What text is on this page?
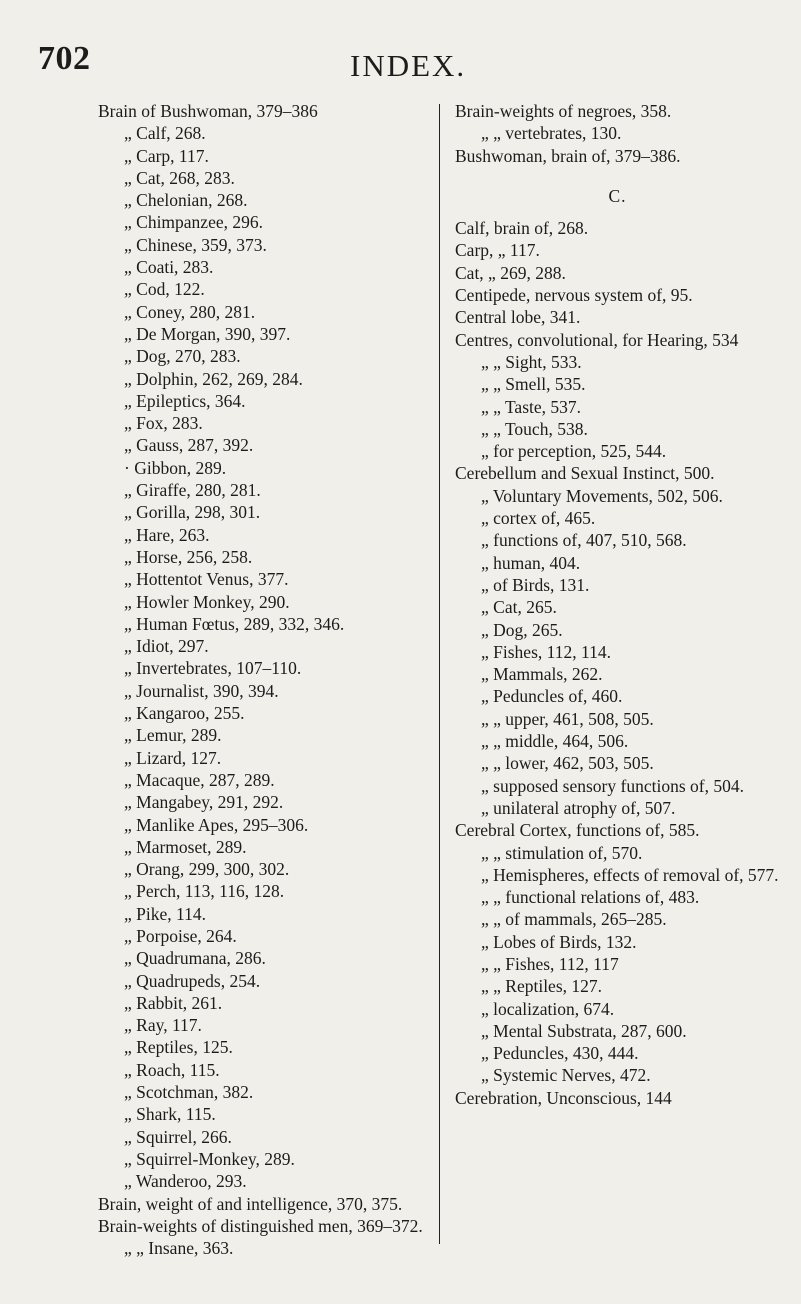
702	INDEX.
Brain of Bushwoman, 379–386
„ Calf, 268.
„ Carp, 117.
„ Cat, 268, 283.
„ Chelonian, 268.
„ Chimpanzee, 296.
„ Chinese, 359, 373.
„ Coati, 283.
„ Cod, 122.
„ Coney, 280, 281.
„ De Morgan, 390, 397.
„ Dog, 270, 283.
„ Dolphin, 262, 269, 284.
„ Epileptics, 364.
„ Fox, 283.
„ Gauss, 287, 392.
· Gibbon, 289.
„ Giraffe, 280, 281.
„ Gorilla, 298, 301.
„ Hare, 263.
„ Horse, 256, 258.
„ Hottentot Venus, 377.
„ Howler Monkey, 290.
„ Human Fœtus, 289, 332, 346.
„ Idiot, 297.
„ Invertebrates, 107–110.
„ Journalist, 390, 394.
„ Kangaroo, 255.
„ Lemur, 289.
„ Lizard, 127.
„ Macaque, 287, 289.
„ Mangabey, 291, 292.
„ Manlike Apes, 295–306.
„ Marmoset, 289.
„ Orang, 299, 300, 302.
„ Perch, 113, 116, 128.
„ Pike, 114.
„ Porpoise, 264.
„ Quadrumana, 286.
„ Quadrupeds, 254.
„ Rabbit, 261.
„ Ray, 117.
„ Reptiles, 125.
„ Roach, 115.
„ Scotchman, 382.
„ Shark, 115.
„ Squirrel, 266.
„ Squirrel-Monkey, 289.
„ Wanderoo, 293.
Brain, weight of and intelligence, 370, 375.
Brain-weights of distinguished men, 369–372.
„ „ Insane, 363.
Brain-weights of negroes, 358.
„ „ vertebrates, 130.
Bushwoman, brain of, 379–386.
C.
Calf, brain of, 268.
Carp, „ 117.
Cat, „ 269, 288.
Centipede, nervous system of, 95.
Central lobe, 341.
Centres, convolutional, for Hearing, 534
„ „ Sight, 533.
„ „ Smell, 535.
„ „ Taste, 537.
„ „ Touch, 538.
„ for perception, 525, 544.
Cerebellum and Sexual Instinct, 500.
„ Voluntary Movements, 502, 506.
„ cortex of, 465.
„ functions of, 407, 510, 568.
„ human, 404.
„ of Birds, 131.
„ Cat, 265.
„ Dog, 265.
„ Fishes, 112, 114.
„ Mammals, 262.
„ Peduncles of, 460.
„ „ upper, 461, 508, 505.
„ „ middle, 464, 506.
„ „ lower, 462, 503, 505.
„ supposed sensory functions of, 504.
„ unilateral atrophy of, 507.
Cerebral Cortex, functions of, 585.
„ „ stimulation of, 570.
„ Hemispheres, effects of removal of, 577.
„ „ functional relations of, 483.
„ „ of mammals, 265–285.
„ Lobes of Birds, 132.
„ „ Fishes, 112, 117
„ „ Reptiles, 127.
„ localization, 674.
„ Mental Substrata, 287, 600.
„ Peduncles, 430, 444.
„ Systemic Nerves, 472.
Cerebration, Unconscious, 144
